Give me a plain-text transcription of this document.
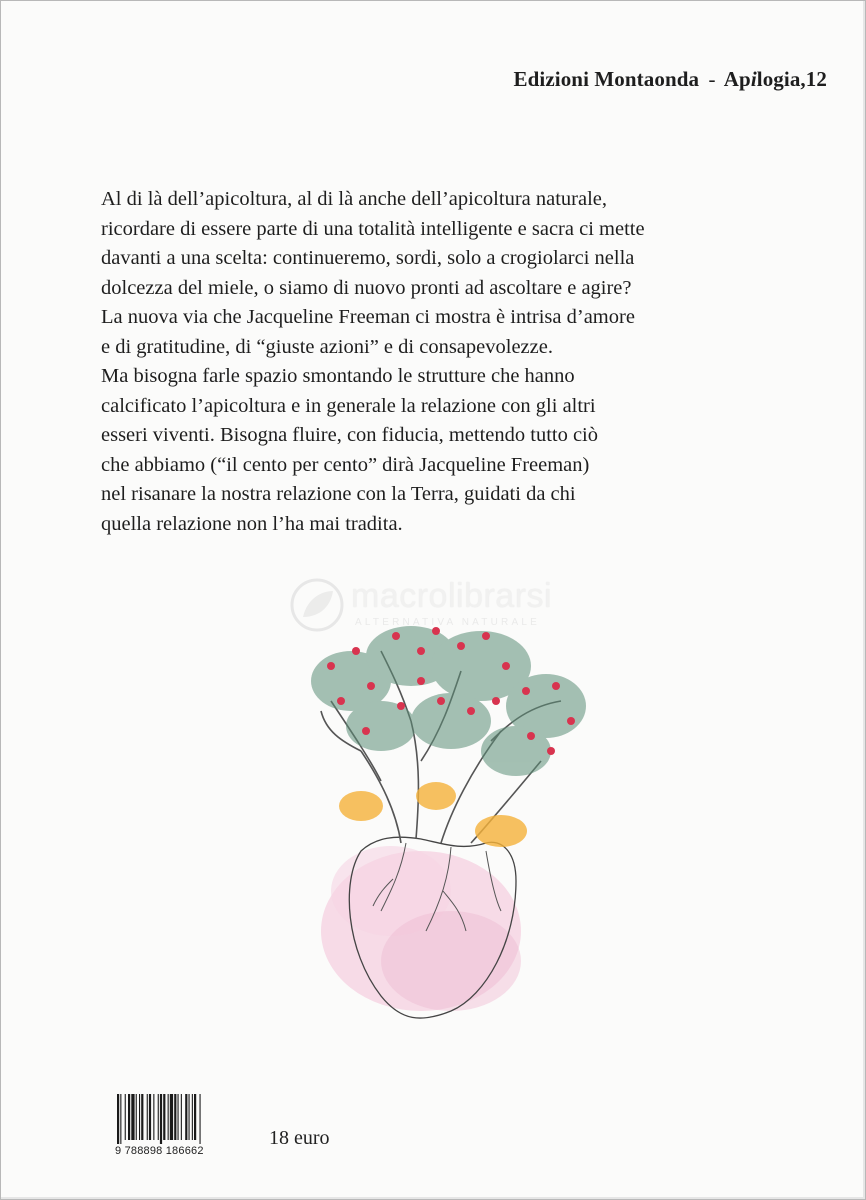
Edizioni Montaonda - Apilogia,12
Al di là dell’apicoltura, al di là anche dell’apicoltura naturale,
ricordare di essere parte di una totalità intelligente e sacra ci mette
davanti a una scelta: continueremo, sordi, solo a crogiolarci nella
dolcezza del miele, o siamo di nuovo pronti ad ascoltare e agire?
La nuova via che Jacqueline Freeman ci mostra è intrisa d’amore
e di gratitudine, di “giuste azioni” e di consapevolezze.
Ma bisogna farle spazio smontando le strutture che hanno
calcificato l’apicoltura e in generale la relazione con gli altri
esseri viventi. Bisogna fluire, con fiducia, mettendo tutto ciò
che abbiamo (“il cento per cento” dirà Jacqueline Freeman)
nel risanare la nostra relazione con la Terra, guidati da chi
quella relazione non l’ha mai tradita.
macrolibrarsi
ALTERNATIVA NATURALE
9 788898 186662
18 euro
